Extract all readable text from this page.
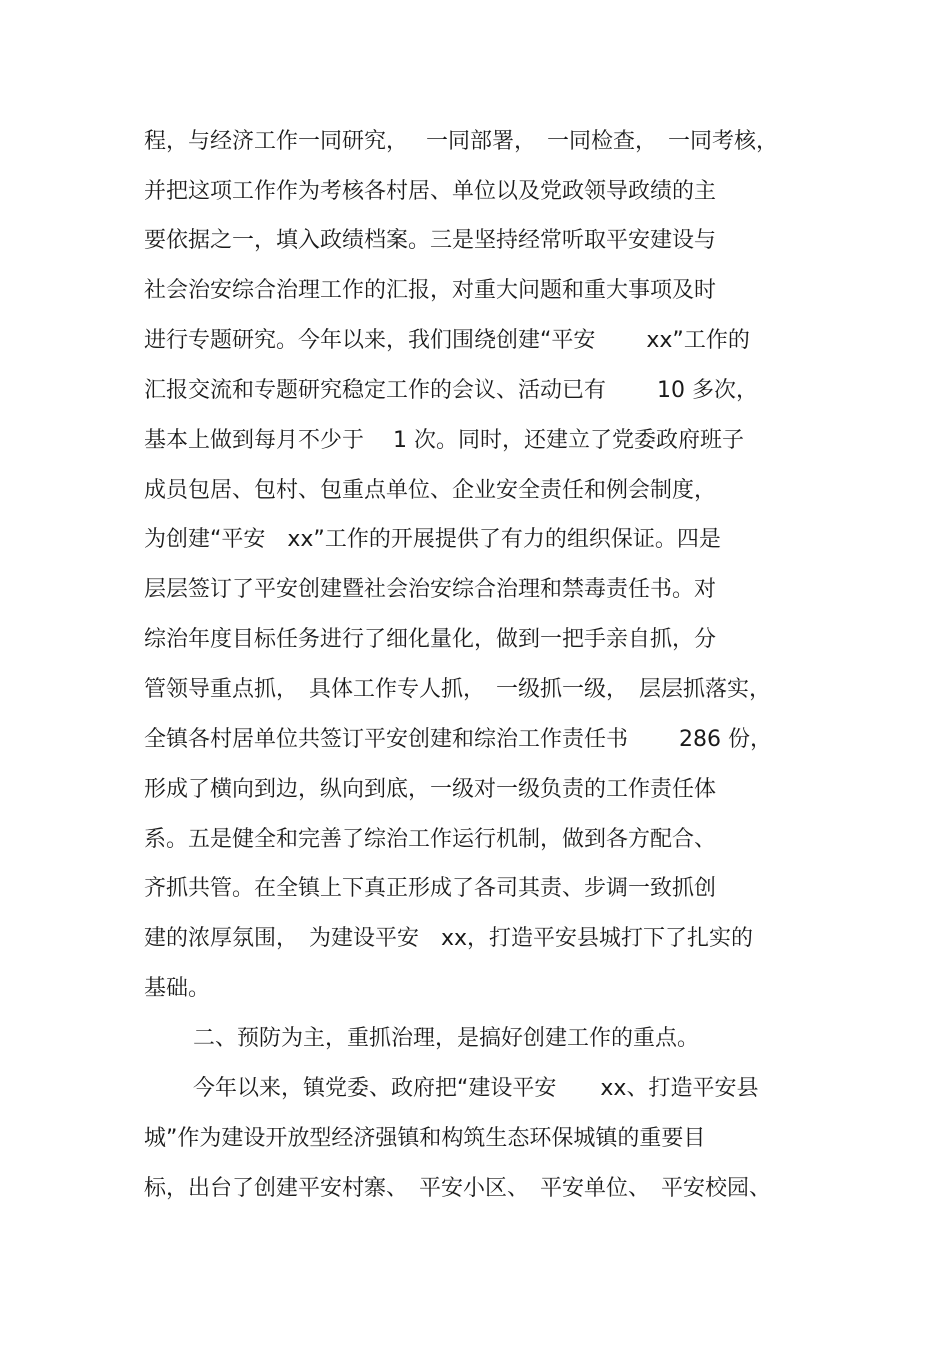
程，与经济工作一同研究，　 一同部署，　一同检查，　一同考核，

并把这项工作作为考核各村居、单位以及党政领导政绩的主

要依据之一，填入政绩档案。三是坚持经常听取平安建设与

社会治安综合治理工作的汇报，对重大问题和重大事项及时

进行专题研究。今年以来，我们围绕创建“平安　　 xx”工作的

汇报交流和专题研究稳定工作的会议、活动已有　　 10 多次，

基本上做到每月不少于　 1 次。同时，还建立了党委政府班子

成员包居、包村、包重点单位、企业安全责任和例会制度，

为创建“平安　xx”工作的开展提供了有力的组织保证。四是

层层签订了平安创建暨社会治安综合治理和禁毒责任书。对

综治年度目标任务进行了细化量化，做到一把手亲自抓，分

管领导重点抓，　具体工作专人抓，　一级抓一级，　层层抓落实，

全镇各村居单位共签订平安创建和综治工作责任书　　 286 份，

形成了横向到边，纵向到底，一级对一级负责的工作责任体

系。五是健全和完善了综治工作运行机制，做到各方配合、

齐抓共管。在全镇上下真正形成了各司其责、步调一致抓创

建的浓厚氛围，　为建设平安　xx，打造平安县城打下了扎实的

基础。

二、预防为主，重抓治理，是搞好创建工作的重点。

今年以来，镇党委、政府把“建设平安　　xx、打造平安县

城”作为建设开放型经济强镇和构筑生态环保城镇的重要目

标，出台了创建平安村寨、　平安小区、　平安单位、　平安校园、
